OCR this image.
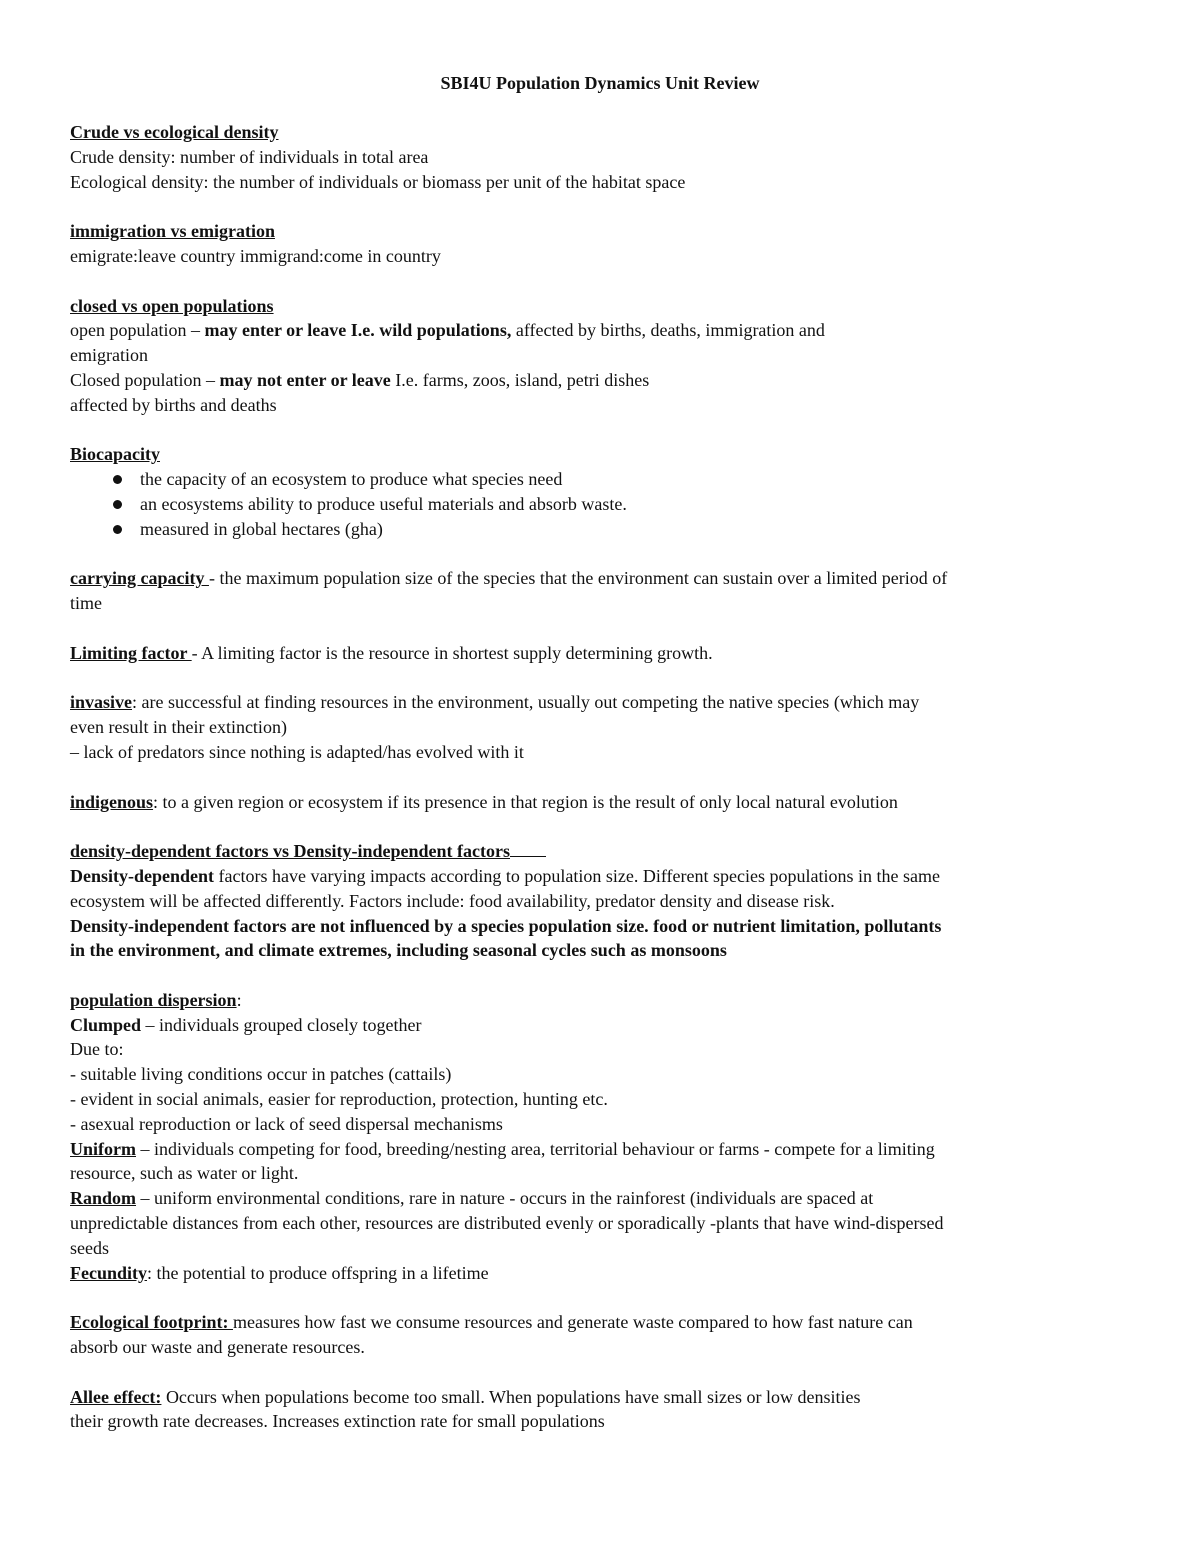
SBI4U Population Dynamics Unit Review
Crude vs ecological density
Crude density: number of individuals in total area
Ecological density: the number of individuals or biomass per unit of the habitat space
immigration vs emigration
emigrate:leave country immigrand:come in country
closed vs open populations
open population – may enter or leave I.e. wild populations, affected by births, deaths, immigration and
emigration
Closed population – may not enter or leave I.e. farms, zoos, island, petri dishes
affected by births and deaths
Biocapacity
the capacity of an ecosystem to produce what species need
an ecosystems ability to produce useful materials and absorb waste.
measured in global hectares (gha)
carrying capacity - the maximum population size of the species that the environment can sustain over a limited period of
time
Limiting factor - A limiting factor is the resource in shortest supply determining growth.
invasive: are successful at finding resources in the environment, usually out competing the native species (which may
even result in their extinction)
– lack of predators since nothing is adapted/has evolved with it
indigenous: to a given region or ecosystem if its presence in that region is the result of only local natural evolution
density-dependent factors vs Density-independent factors
Density-dependent factors have varying impacts according to population size. Different species populations in the same
ecosystem will be affected differently. Factors include: food availability, predator density and disease risk.
Density-independent factors are not influenced by a species population size. food or nutrient limitation, pollutants
in the environment, and climate extremes, including seasonal cycles such as monsoons
population dispersion:
Clumped – individuals grouped closely together
Due to:
- suitable living conditions occur in patches (cattails)
- evident in social animals, easier for reproduction, protection, hunting etc.
- asexual reproduction or lack of seed dispersal mechanisms
Uniform – individuals competing for food, breeding/nesting area, territorial behaviour or farms - compete for a limiting
resource, such as water or light.
Random – uniform environmental conditions, rare in nature - occurs in the rainforest (individuals are spaced at
unpredictable distances from each other, resources are distributed evenly or sporadically -plants that have wind-dispersed
seeds
Fecundity: the potential to produce offspring in a lifetime
Ecological footprint: measures how fast we consume resources and generate waste compared to how fast nature can
absorb our waste and generate resources.
Allee effect: Occurs when populations become too small. When populations have small sizes or low densities
their growth rate decreases. Increases extinction rate for small populations
